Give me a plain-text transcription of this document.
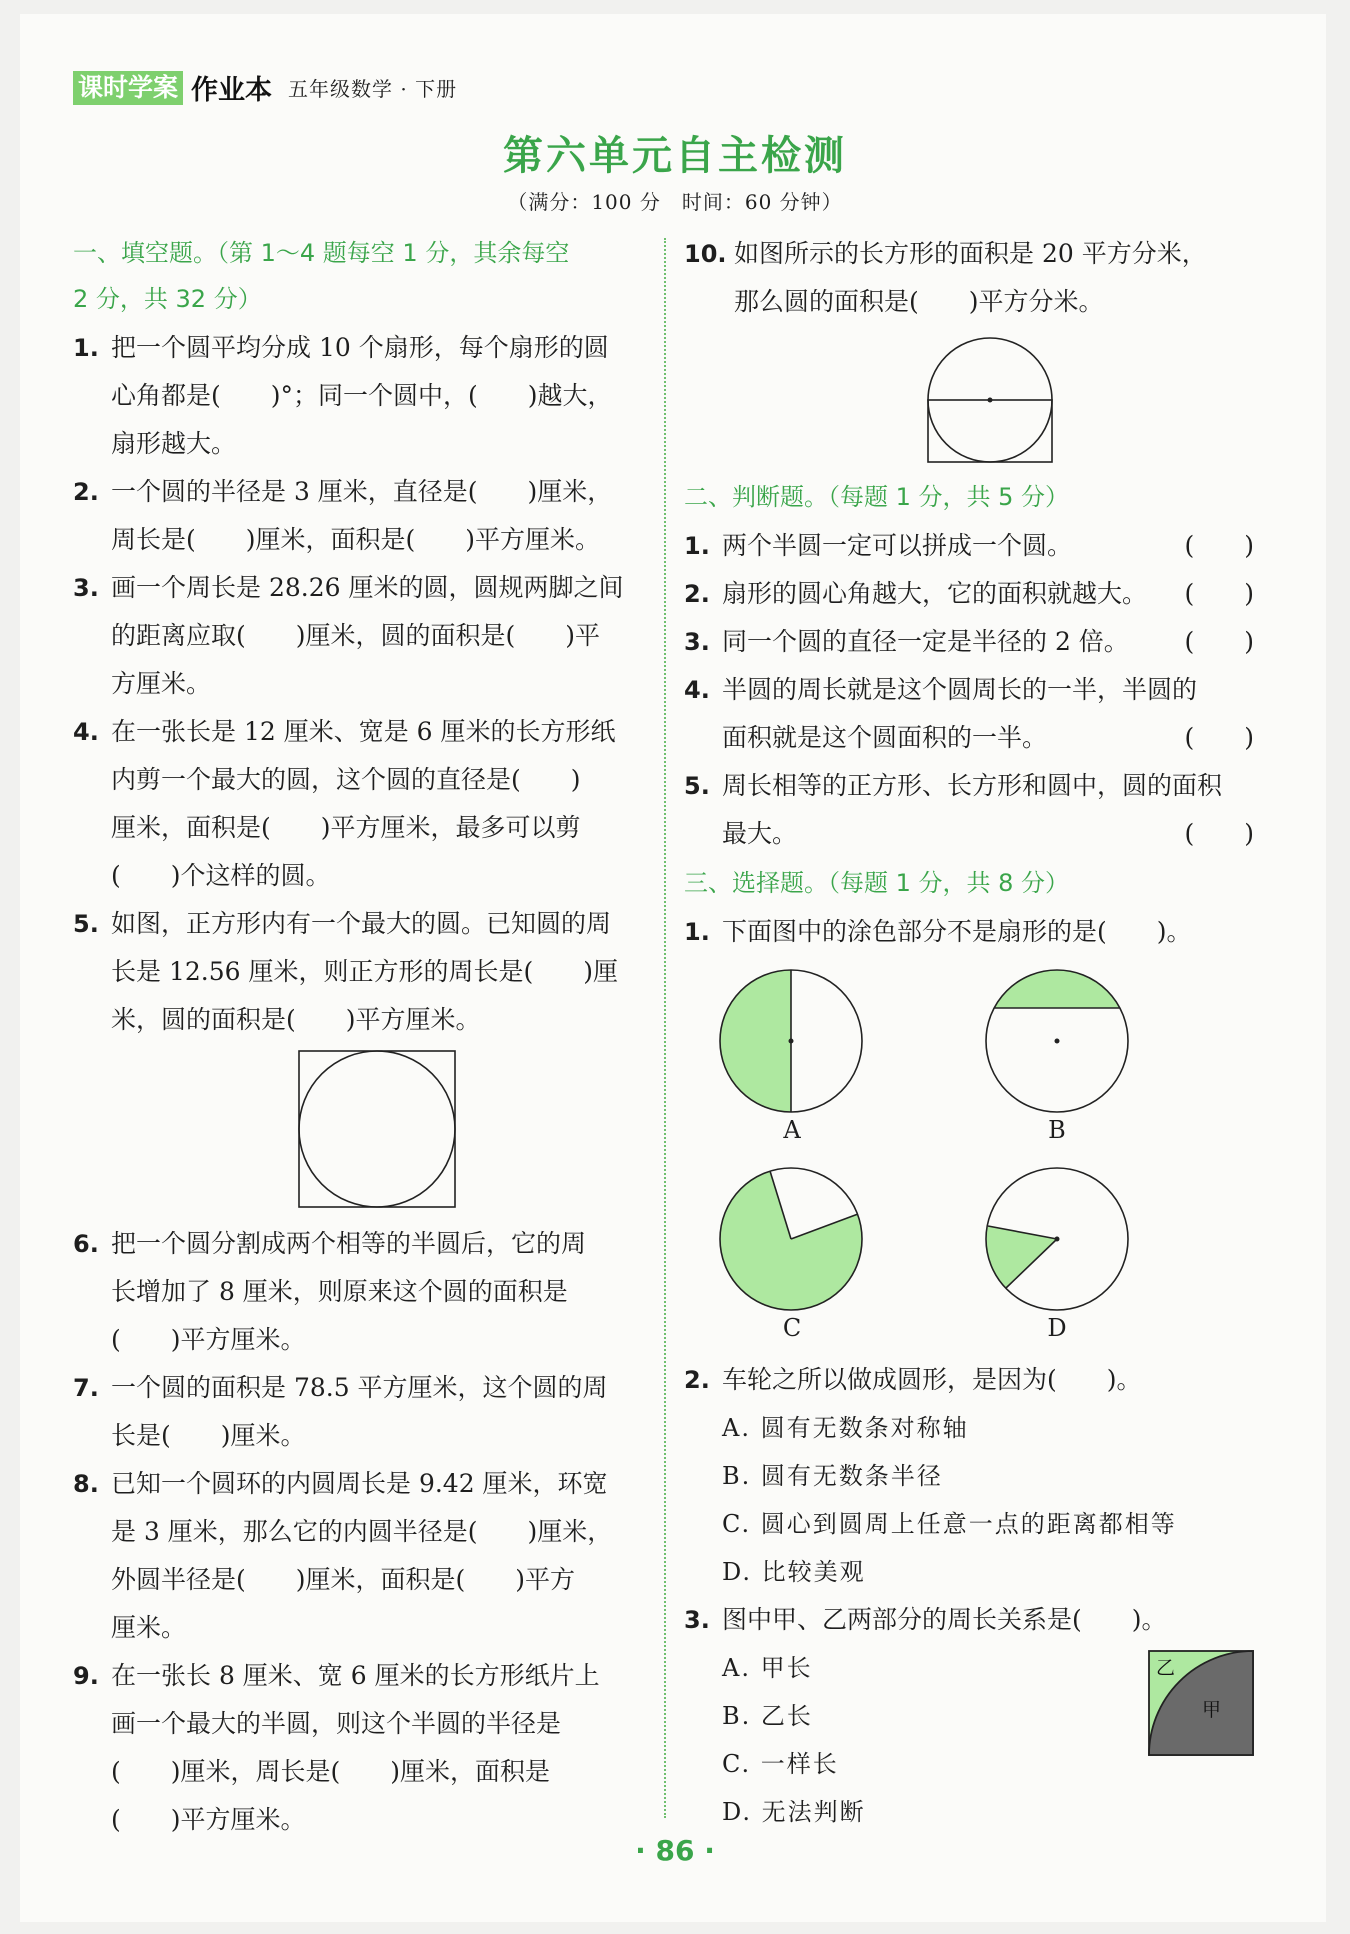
课时学案 作业本 五年级数学 · 下册
第六单元自主检测
（满分：100 分　时间：60 分钟）
一、填空题。（第 1～4 题每空 1 分，其余每空
2 分，共 32 分）
1. 把一个圆平均分成 10 个扇形，每个扇形的圆
心角都是(　　)°；同一个圆中，(　　)越大，
扇形越大。
2. 一个圆的半径是 3 厘米，直径是(　　)厘米，
周长是(　　)厘米，面积是(　　)平方厘米。
3. 画一个周长是 28.26 厘米的圆，圆规两脚之间
的距离应取(　　)厘米，圆的面积是(　　)平
方厘米。
4. 在一张长是 12 厘米、宽是 6 厘米的长方形纸
内剪一个最大的圆，这个圆的直径是(　　)
厘米，面积是(　　)平方厘米，最多可以剪
(　　)个这样的圆。
5. 如图，正方形内有一个最大的圆。已知圆的周
长是 12.56 厘米，则正方形的周长是(　　)厘
米，圆的面积是(　　)平方厘米。
6. 把一个圆分割成两个相等的半圆后，它的周
长增加了 8 厘米，则原来这个圆的面积是
(　　)平方厘米。
7. 一个圆的面积是 78.5 平方厘米，这个圆的周
长是(　　)厘米。
8. 已知一个圆环的内圆周长是 9.42 厘米，环宽
是 3 厘米，那么它的内圆半径是(　　)厘米，
外圆半径是(　　)厘米，面积是(　　)平方
厘米。
9. 在一张长 8 厘米、宽 6 厘米的长方形纸片上
画一个最大的半圆，则这个半圆的半径是
(　　)厘米，周长是(　　)厘米，面积是
(　　)平方厘米。
10. 如图所示的长方形的面积是 20 平方分米，
那么圆的面积是(　　)平方分米。
二、判断题。（每题 1 分，共 5 分）
1. 两个半圆一定可以拼成一个圆。	(　　)
2. 扇形的圆心角越大，它的面积就越大。	(　　)
3. 同一个圆的直径一定是半径的 2 倍。	(　　)
4. 半圆的周长就是这个圆周长的一半，半圆的
面积就是这个圆面积的一半。	(　　)
5. 周长相等的正方形、长方形和圆中，圆的面积
最大。	(　　)
三、选择题。（每题 1 分，共 8 分）
1. 下面图中的涂色部分不是扇形的是(　　)。
A	B
C	D
2. 车轮之所以做成圆形，是因为(　　)。
A. 圆有无数条对称轴
B. 圆有无数条半径
C. 圆心到圆周上任意一点的距离都相等
D. 比较美观
3. 图中甲、乙两部分的周长关系是(　　)。
A. 甲长
B. 乙长
C. 一样长
D. 无法判断
乙
甲
· 86 ·
